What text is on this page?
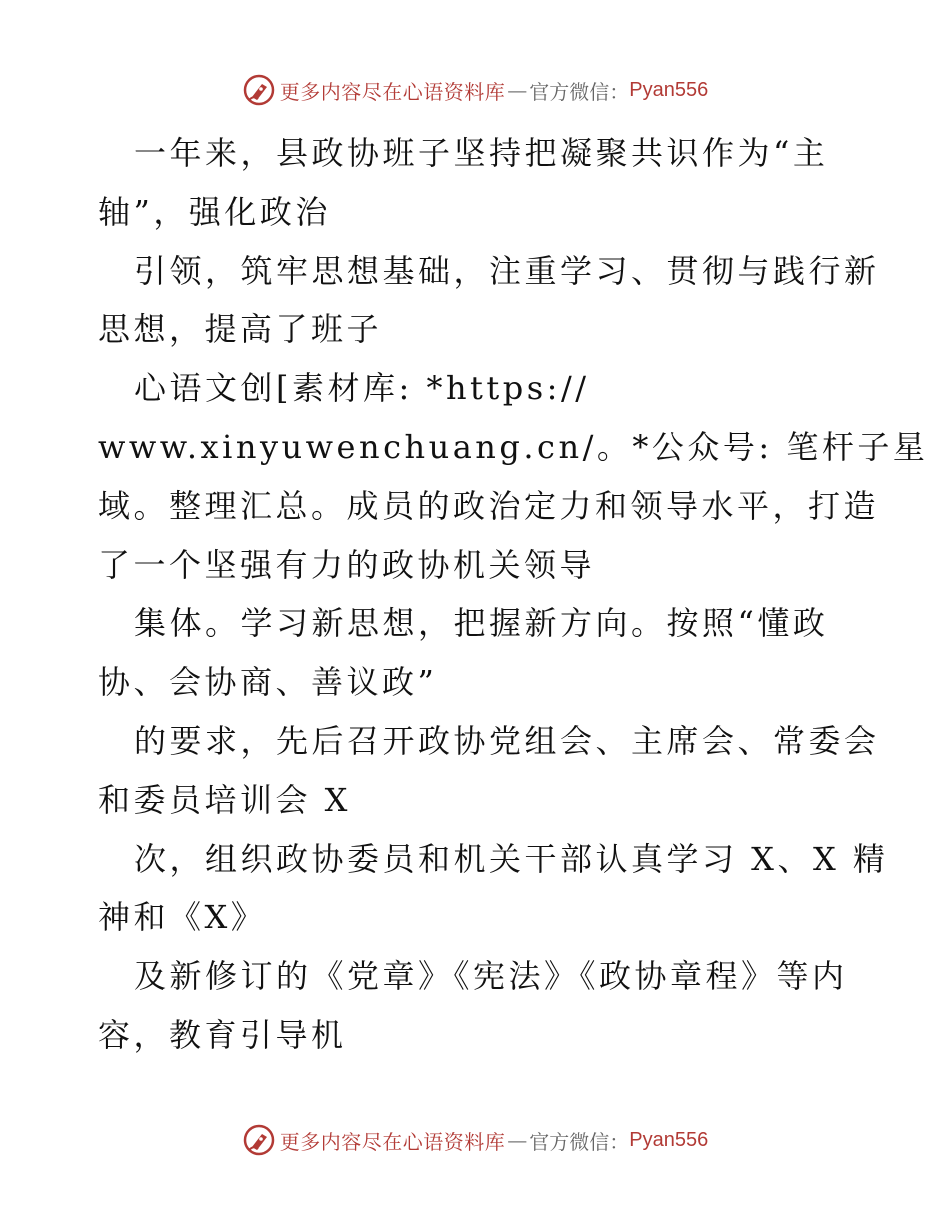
更多内容尽在心语资料库 — 官方微信： Pyan556
一年来，县政协班子坚持把凝聚共识作为“主
轴”，强化政治
引领，筑牢思想基础，注重学习、贯彻与践行新
思想，提高了班子
心语文创[素材库: *https://
www.xinyuwenchuang.cn/。*公众号: 笔杆子星
域。整理汇总。成员的政治定力和领导水平，打造
了一个坚强有力的政协机关领导
集体。学习新思想，把握新方向。按照“懂政
协、会协商、善议政”
的要求，先后召开政协党组会、主席会、常委会
和委员培训会 X
次，组织政协委员和机关干部认真学习 X、X 精
神和《X》
及新修订的《党章》《宪法》《政协章程》等内
容，教育引导机
更多内容尽在心语资料库 — 官方微信： Pyan556
